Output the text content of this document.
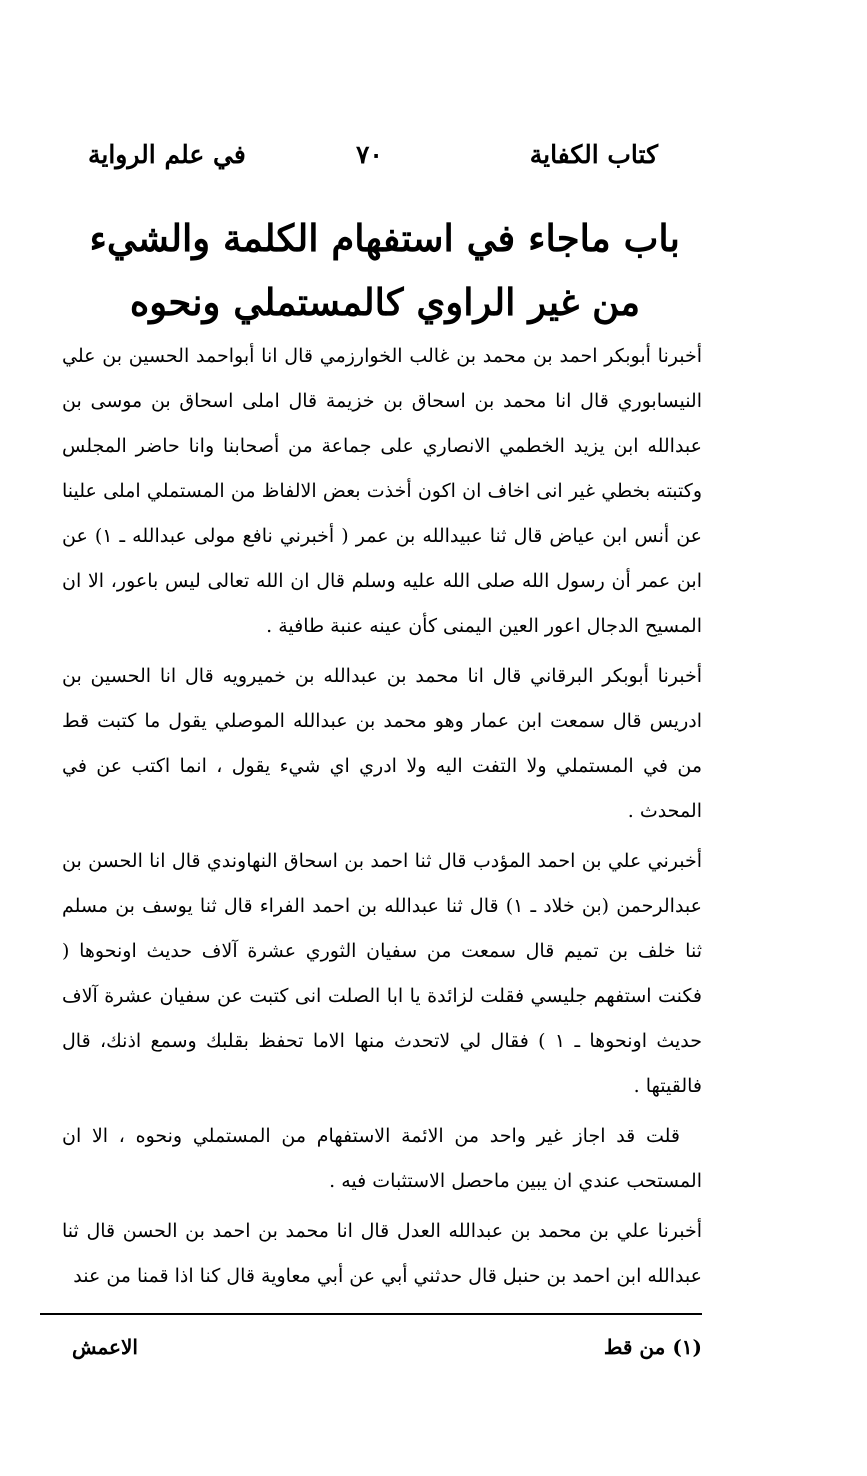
كتاب الكفاية
٧٠
في علم الرواية
باب ماجاء في استفهام الكلمة والشيء
من غير الراوي كالمستملي ونحوه

أخبرنا أبوبكر احمد بن محمد بن غالب الخوارزمي قال انا أبواحمد الحسين بن علي النيسابوري قال انا محمد بن اسحاق بن خزيمة قال املى اسحاق بن موسى بن عبدالله ابن يزيد الخطمي الانصاري على جماعة من أصحابنا وانا حاضر المجلس وكتبته بخطي غير انى اخاف ان اكون أخذت بعض الالفاظ من المستملي املى علينا عن أنس ابن عياض قال ثنا عبيدالله بن عمر ( أخبرني نافع مولى عبدالله ـ ١) عن ابن عمر أن رسول الله صلى الله عليه وسلم قال ان الله تعالى ليس باعور، الا ان المسيح الدجال اعور العين اليمنى كأن عينه عنبة طافية .

أخبرنا أبوبكر البرقاني قال انا محمد بن عبدالله بن خميرويه قال انا الحسين بن ادريس قال سمعت ابن عمار وهو محمد بن عبدالله الموصلي يقول ما كتبت قط من في المستملي ولا التفت اليه ولا ادري اي شيء يقول ، انما اكتب عن في المحدث .

أخبرني علي بن احمد المؤدب قال ثنا احمد بن اسحاق النهاوندي قال انا الحسن بن عبدالرحمن (بن خلاد ـ ١) قال ثنا عبدالله بن احمد الفراء قال ثنا يوسف بن مسلم ثنا خلف بن تميم قال سمعت من سفيان الثوري عشرة آلاف حديث اونحوها ( فكنت استفهم جليسي فقلت لزائدة يا ابا الصلت انى كتبت عن سفيان عشرة آلاف حديث اونحوها ـ ١ ) فقال لي لاتحدث منها الاما تحفظ بقلبك وسمع اذنك، قال فالقيتها .

قلت قد اجاز غير واحد من الائمة الاستفهام من المستملي ونحوه ، الا ان المستحب عندي ان يبين ماحصل الاستثبات فيه .

أخبرنا علي بن محمد بن عبدالله العدل قال انا محمد بن احمد بن الحسن قال ثنا عبدالله ابن احمد بن حنبل قال حدثني أبي عن أبي معاوية قال كنا اذا قمنا من عند

(١) من قط
الاعمش
